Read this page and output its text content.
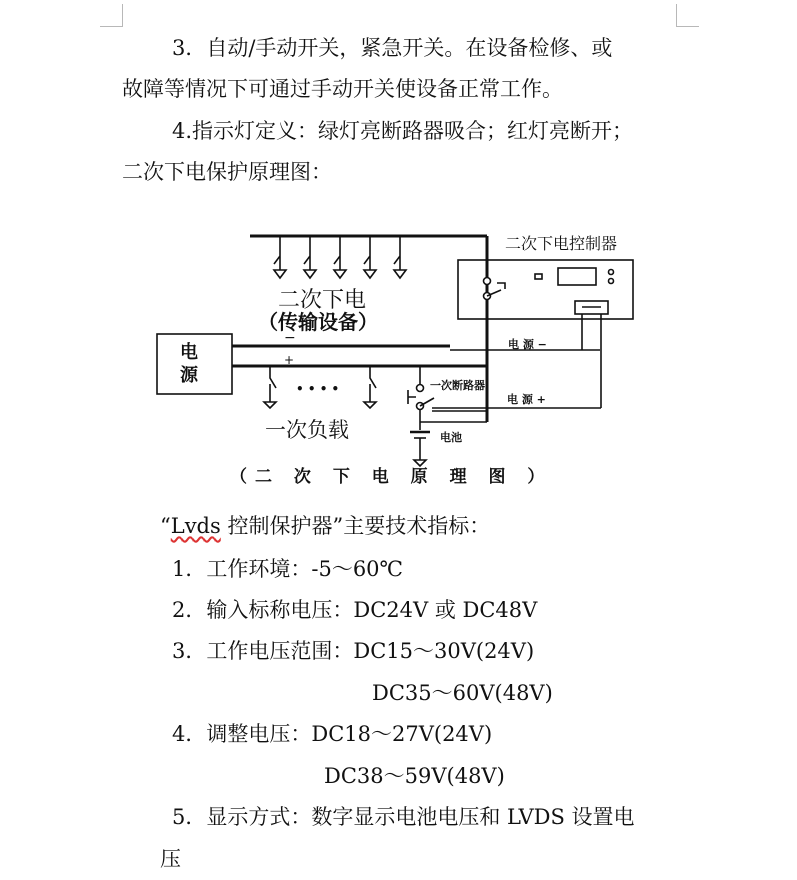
3．自动/手动开关，紧急开关。在设备检修、或
故障等情况下可通过手动开关使设备正常工作。
4.指示灯定义：绿灯亮断路器吸合；红灯亮断开；
二次下电保护原理图：
二次下电控制器
二次下电
（传输设备）
−
+
电
源
• • • •
一次负载
一次断路器
电 源 −
电 源 +
电池
（二 次 下 电 原 理 图 ）
“Lvds 控制保护器”主要技术指标：
1．工作环境：-5～60℃
2．输入标称电压：DC24V 或 DC48V
3．工作电压范围：DC15～30V(24V)
DC35～60V(48V)
4．调整电压：DC18～27V(24V)
DC38～59V(48V)
5．显示方式：数字显示电池电压和 LVDS 设置电
压
